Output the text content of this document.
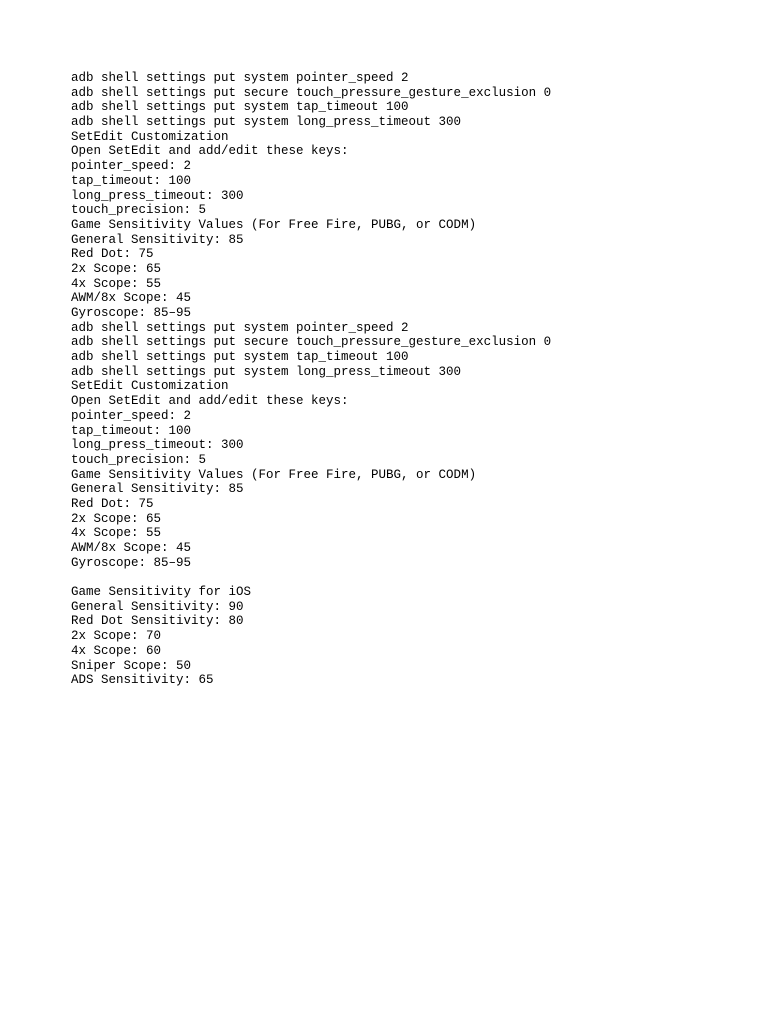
adb shell settings put system pointer_speed 2
adb shell settings put secure touch_pressure_gesture_exclusion 0
adb shell settings put system tap_timeout 100
adb shell settings put system long_press_timeout 300
SetEdit Customization
Open SetEdit and add/edit these keys:
pointer_speed: 2
tap_timeout: 100
long_press_timeout: 300
touch_precision: 5
Game Sensitivity Values (For Free Fire, PUBG, or CODM)
General Sensitivity: 85
Red Dot: 75
2x Scope: 65
4x Scope: 55
AWM/8x Scope: 45
Gyroscope: 85–95
adb shell settings put system pointer_speed 2
adb shell settings put secure touch_pressure_gesture_exclusion 0
adb shell settings put system tap_timeout 100
adb shell settings put system long_press_timeout 300
SetEdit Customization
Open SetEdit and add/edit these keys:
pointer_speed: 2
tap_timeout: 100
long_press_timeout: 300
touch_precision: 5
Game Sensitivity Values (For Free Fire, PUBG, or CODM)
General Sensitivity: 85
Red Dot: 75
2x Scope: 65
4x Scope: 55
AWM/8x Scope: 45
Gyroscope: 85–95
Game Sensitivity for iOS
General Sensitivity: 90
Red Dot Sensitivity: 80
2x Scope: 70
4x Scope: 60
Sniper Scope: 50
ADS Sensitivity: 65
